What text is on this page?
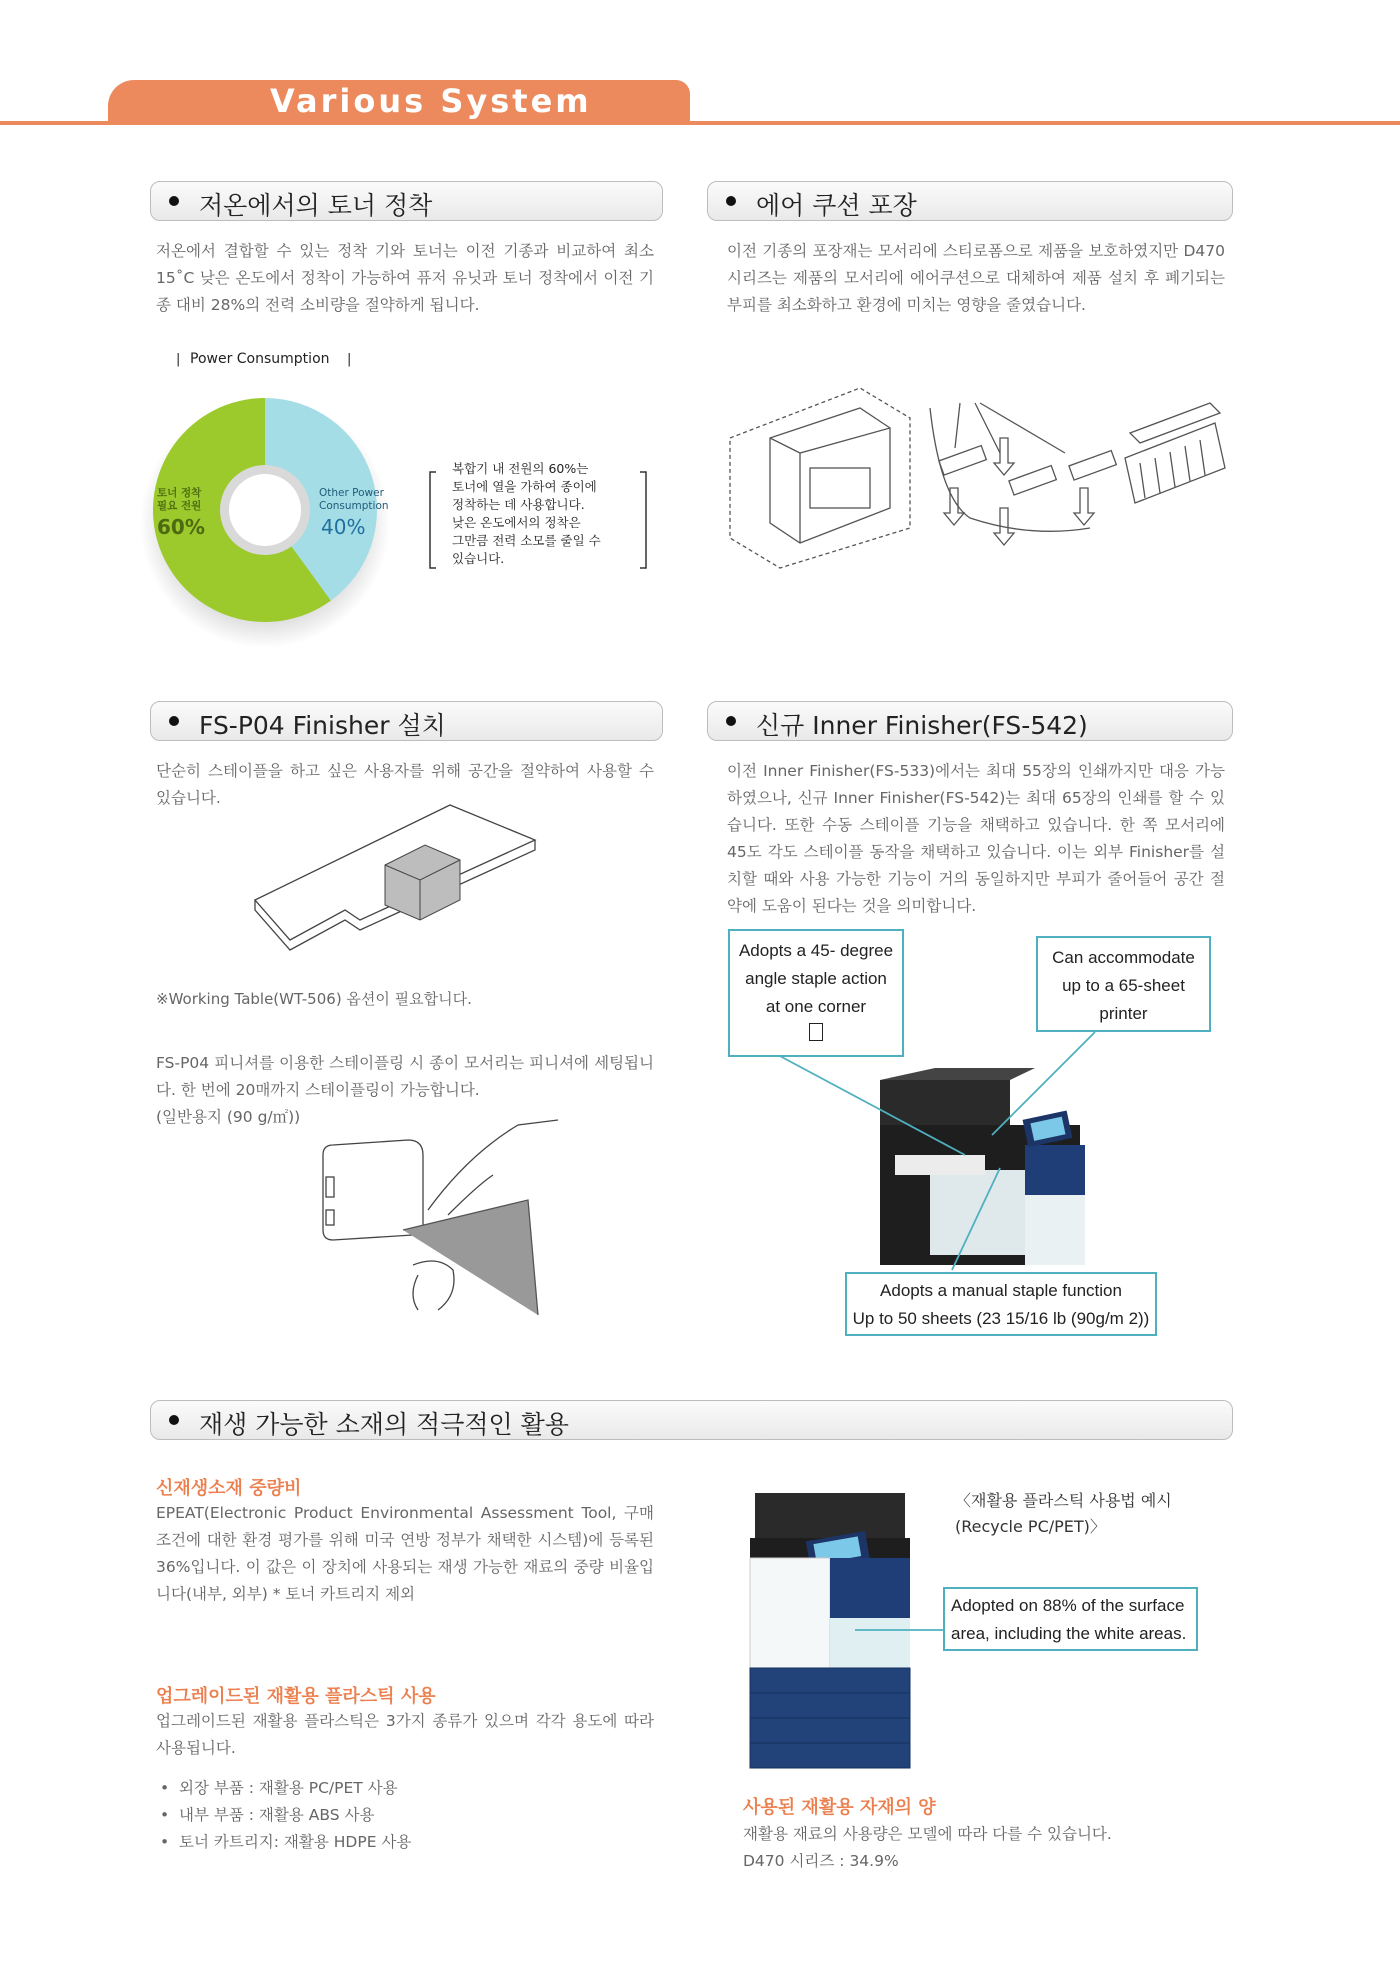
Various System
저온에서의 토너 정착
저온에서 결합할 수 있는 정착 기와 토너는 이전 기종과 비교하여 최소 15˚C 낮은 온도에서 정착이 가능하여 퓨저 유닛과 토너 정착에서 이전 기종 대비 28%의 전력 소비량을 절약하게 됩니다.
| Power Consumption |
토너 정착
필요 전원
60%
Other Power
Consumption
40%
복합기 내 전원의 60%는 토너에 열을 가하여 종이에 정착하는 데 사용합니다. 낮은 온도에서의 정착은 그만큼 전력 소모를 줄일 수 있습니다.
에어 쿠션 포장
이전 기종의 포장재는 모서리에 스티로폼으로 제품을 보호하였지만 D470 시리즈는 제품의 모서리에 에어쿠션으로 대체하여 제품 설치 후 폐기되는 부피를 최소화하고 환경에 미치는 영향을 줄였습니다.
FS-P04 Finisher 설치
단순히 스테이플을 하고 싶은 사용자를 위해 공간을 절약하여 사용할 수 있습니다.
※Working Table(WT-506) 옵션이 필요합니다.
FS-P04 피니셔를 이용한 스테이플링 시 종이 모서리는 피니셔에 세팅됩니다. 한 번에 20매까지 스테이플링이 가능합니다.
(일반용지 (90 g/㎡))
신규 Inner Finisher(FS-542)
이전 Inner Finisher(FS-533)에서는 최대 55장의 인쇄까지만 대응 가능하였으나, 신규 Inner Finisher(FS-542)는 최대 65장의 인쇄를 할 수 있습니다. 또한 수동 스테이플 기능을 채택하고 있습니다. 한 쪽 모서리에 45도 각도 스테이플 동작을 채택하고 있습니다. 이는 외부 Finisher를 설치할 때와 사용 가능한 기능이 거의 동일하지만 부피가 줄어들어 공간 절약에 도움이 된다는 것을 의미합니다.
Adopts a 45- degree
angle staple action
at one corner
Can accommodate
up to a 65-sheet
printer
Adopts a manual staple function
Up to 50 sheets (23 15/16 lb (90g/m 2))
재생 가능한 소재의 적극적인 활용
신재생소재 중량비
EPEAT(Electronic Product Environmental Assessment Tool, 구매 조건에 대한 환경 평가를 위해 미국 연방 정부가 채택한 시스템)에 등록된 36%입니다. 이 값은 이 장치에 사용되는 재생 가능한 재료의 중량 비율입니다(내부, 외부) * 토너 카트리지 제외
업그레이드된 재활용 플라스틱 사용
업그레이드된 재활용 플라스틱은 3가지 종류가 있으며 각각 용도에 따라 사용됩니다.
•  외장 부품 : 재활용 PC/PET 사용
•  내부 부품 : 재활용 ABS 사용
•  토너 카트리지: 재활용 HDPE 사용
〈재활용 플라스틱 사용법 예시
(Recycle PC/PET)〉
Adopted on 88% of the surface
area, including the white areas.
사용된 재활용 자재의 양
재활용 재료의 사용량은 모델에 따라 다를 수 있습니다.
D470 시리즈 : 34.9%
